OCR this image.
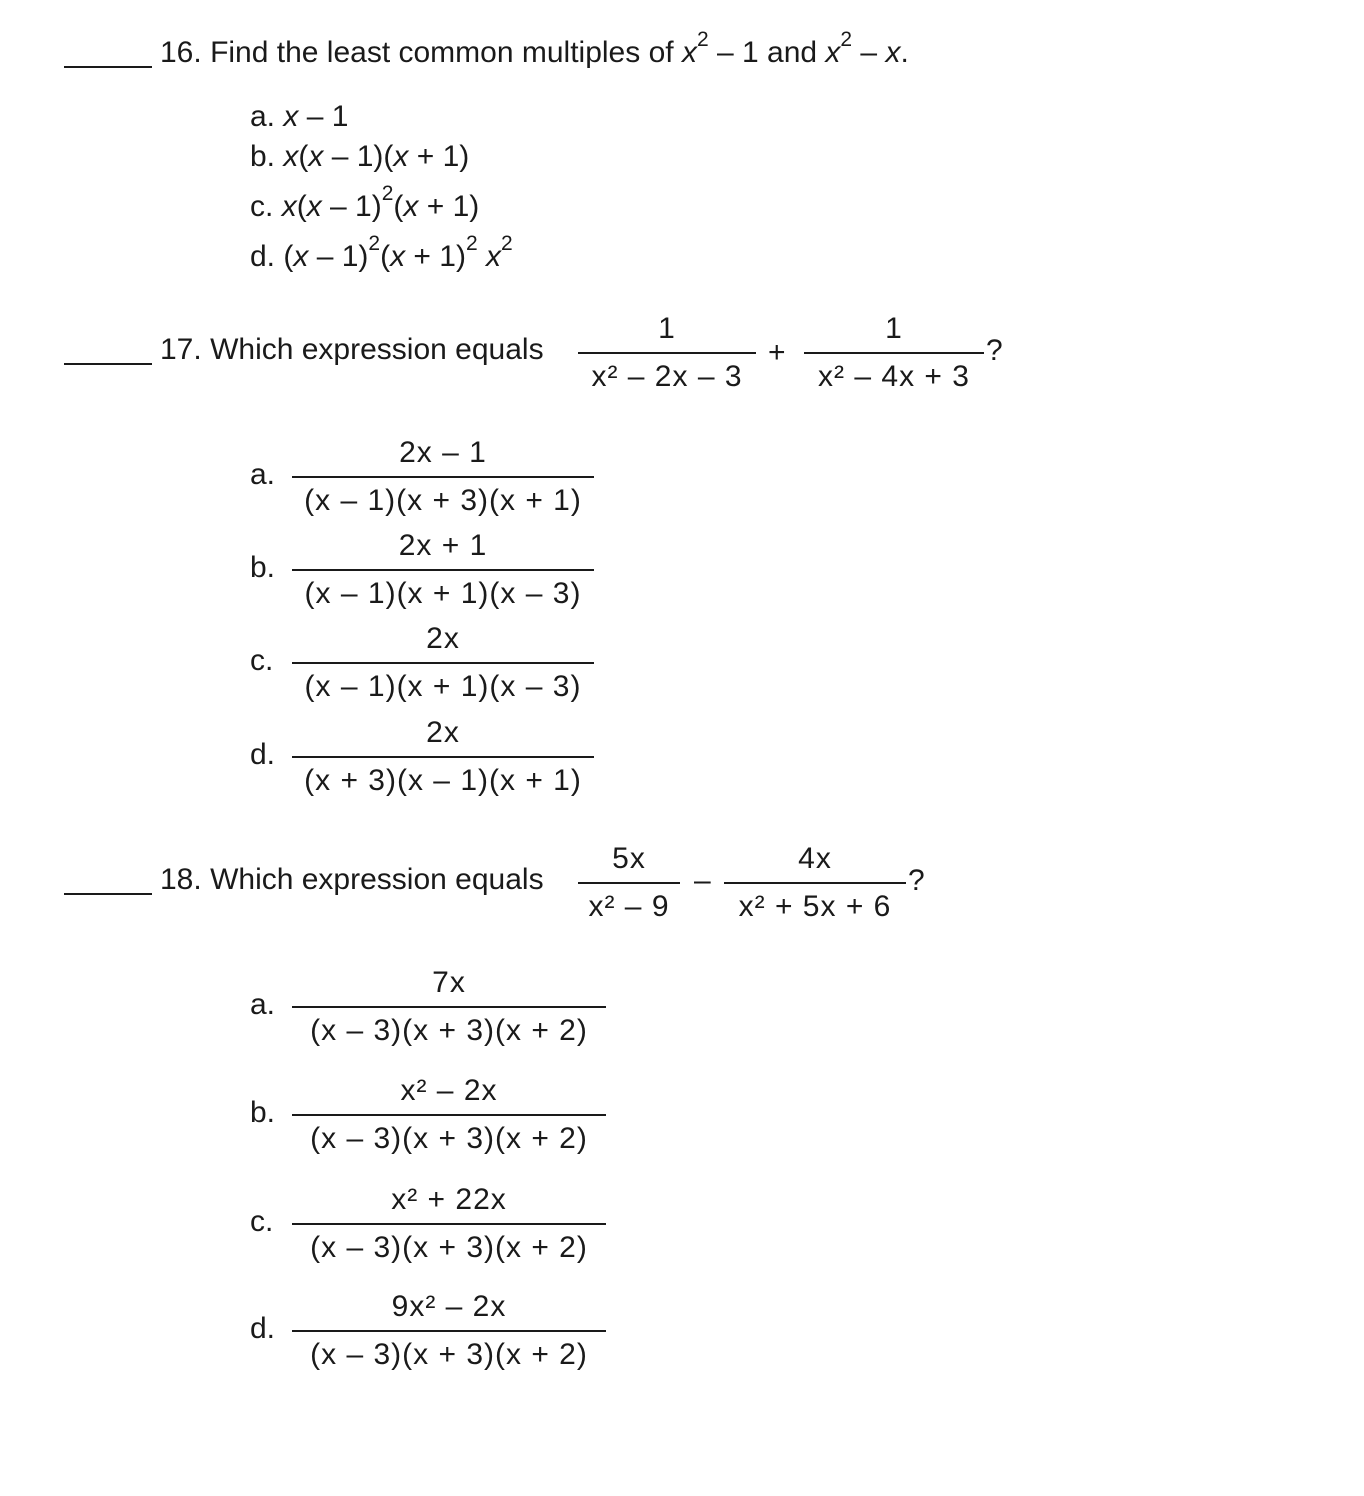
16. Find the least common multiples of $x^2 - 1$ and $x^2$ – x.
a. x – 1
b. x(x – 1)(x + 1)
c. x(x – 1)$^2$(x + 1)
d. $(x - 1)^2(x + 1)^2$ $x^2$
17. Which expression equals
1
x² – 2x – 3
+
1
x² – 4x + 3
?
a.
2x – 1
(x – 1)(x + 3)(x + 1)
b.
2x + 1
(x – 1)(x + 1)(x – 3)
c.
2x
(x – 1)(x + 1)(x – 3)
d.
2x
(x + 3)(x – 1)(x + 1)
18. Which expression equals
5x
x² – 9
–
4x
x² + 5x + 6
?
a.
7x
(x – 3)(x + 3)(x + 2)
b.
x² – 2x
(x – 3)(x + 3)(x + 2)
c.
x² + 22x
(x – 3)(x + 3)(x + 2)
d.
9x² – 2x
(x – 3)(x + 3)(x + 2)
